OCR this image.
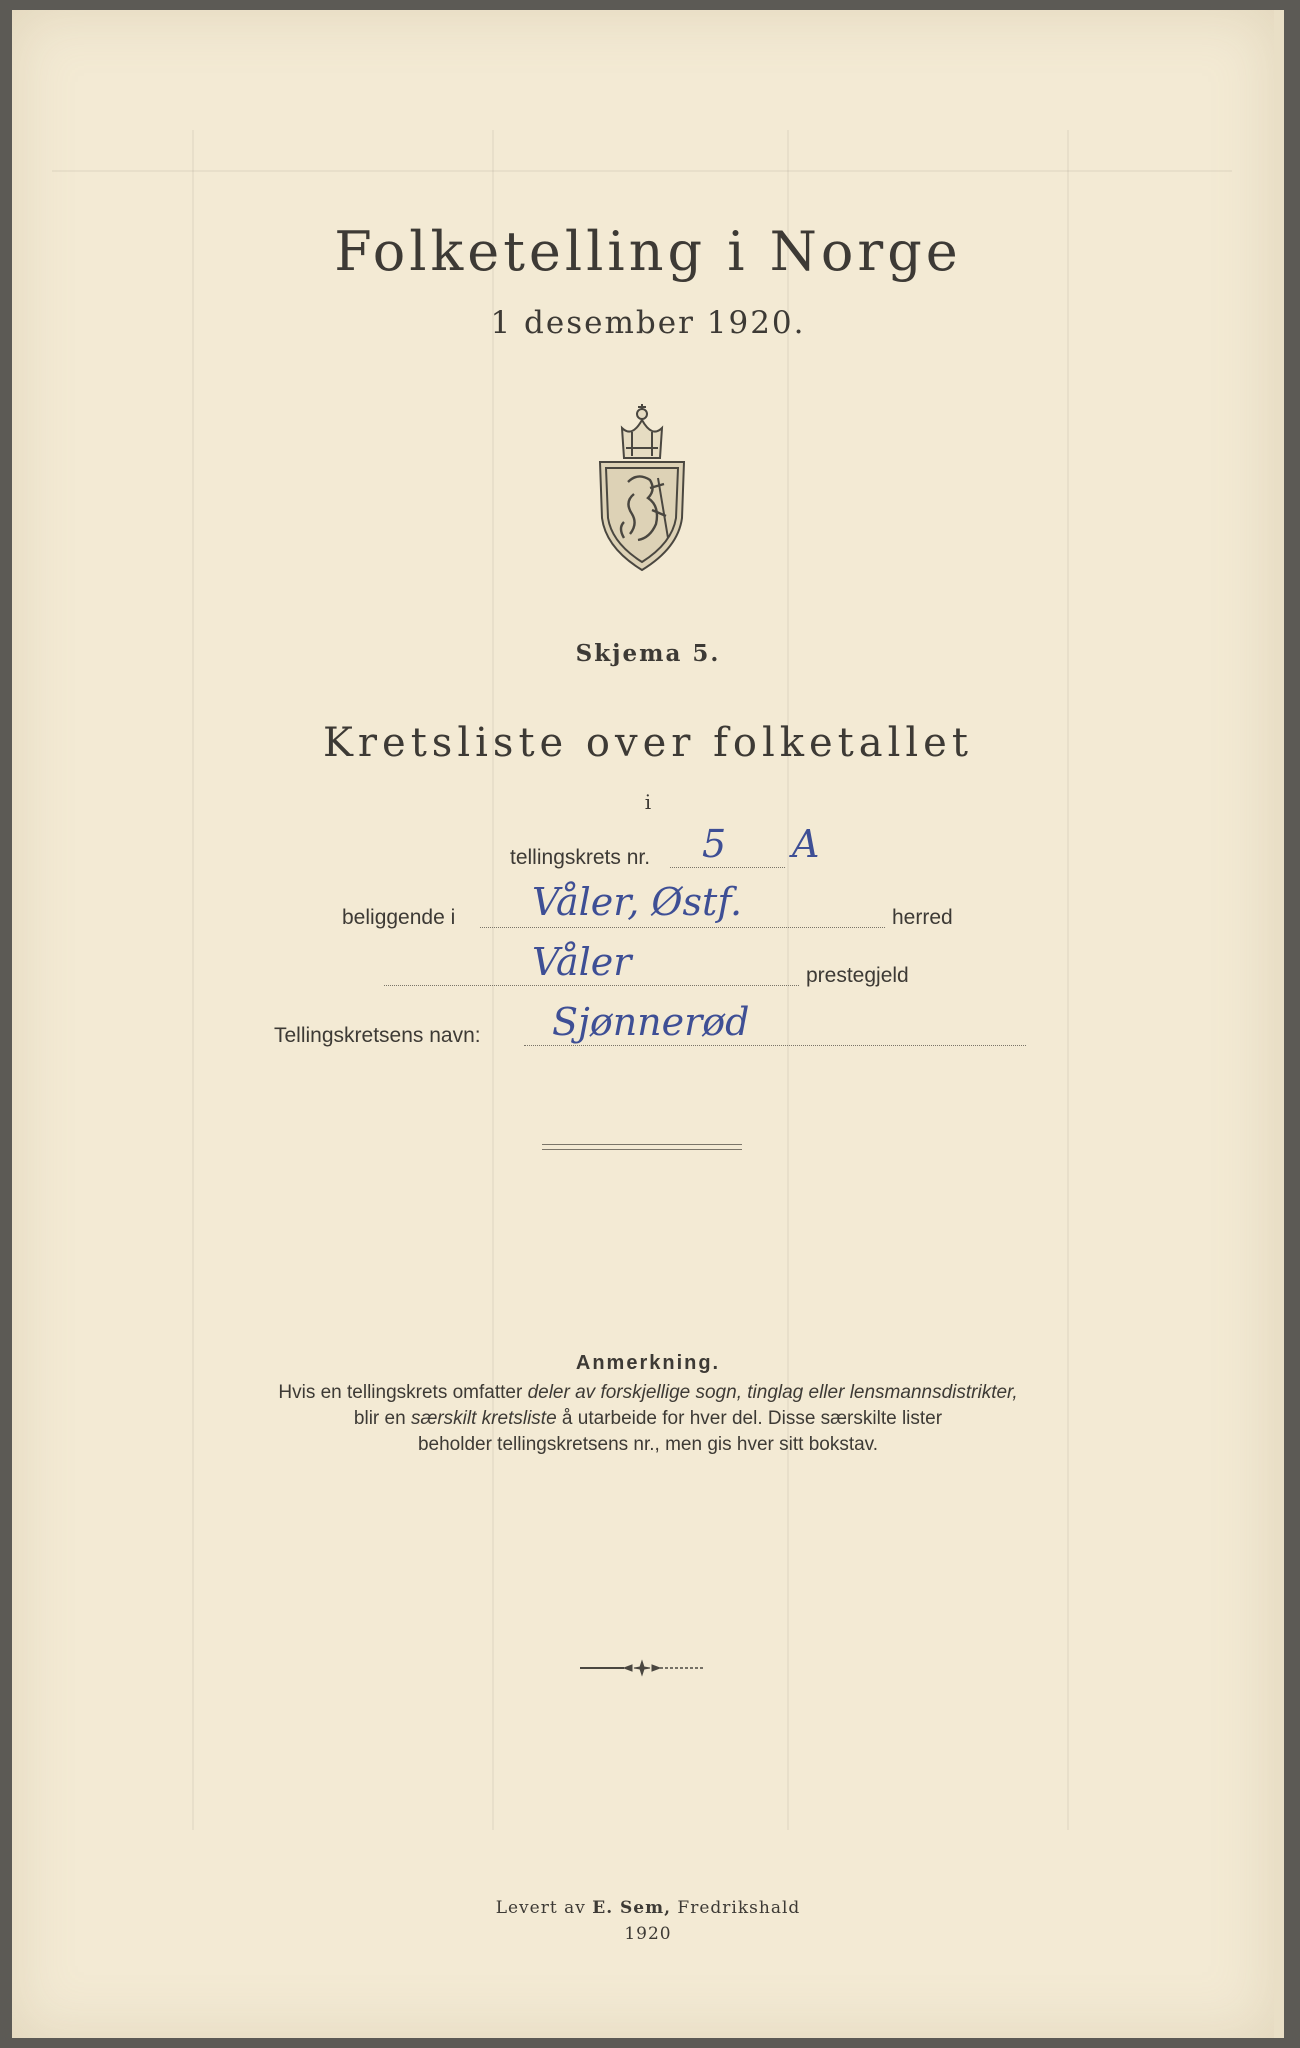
Folketelling i Norge
1 desember 1920.
Skjema 5.
Kretsliste over folketallet
i
tellingskrets nr. 5 A
beliggende i Våler, Østf.	herred
Våler	prestegjeld
Tellingskretsens navn: Sjønnerød
Anmerkning.
Hvis en tellingskrets omfatter deler av forskjellige sogn, tinglag eller lensmannsdistrikter,
blir en særskilt kretsliste å utarbeide for hver del. Disse særskilte lister
beholder tellingskretsens nr., men gis hver sitt bokstav.
Levert av E. Sem, Fredrikshald
1920
